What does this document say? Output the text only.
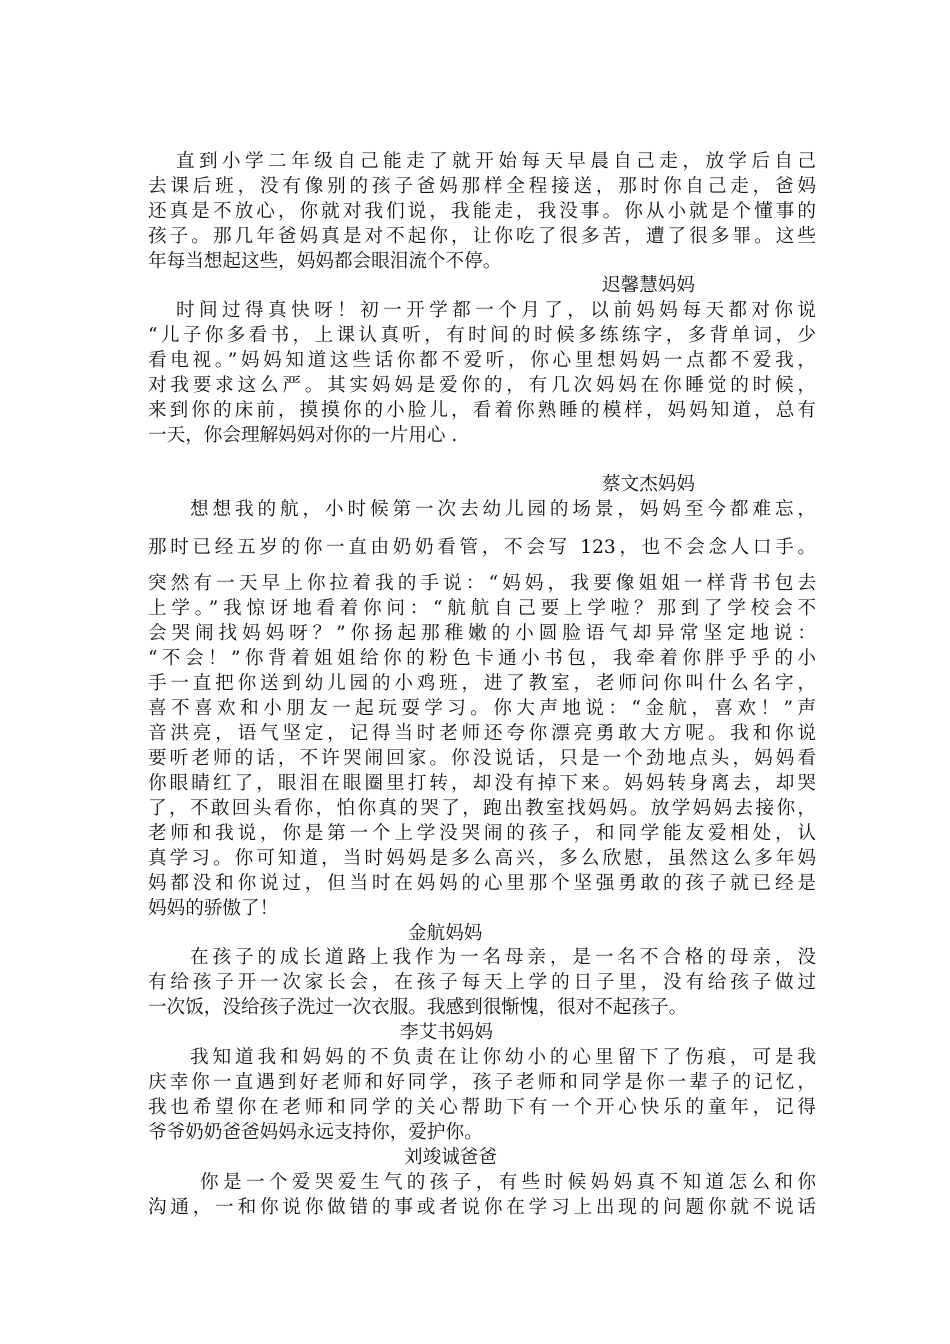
直到小学二年级自己能走了就开始每天早晨自己走，放学后自己
去课后班，没有像别的孩子爸妈那样全程接送，那时你自己走，爸妈
还真是不放心，你就对我们说，我能走，我没事。你从小就是个懂事的
孩子。那几年爸妈真是对不起你，让你吃了很多苦，遭了很多罪。这些
年每当想起这些，妈妈都会眼泪流个不停。
迟馨慧妈妈
时间过得真快呀！初一开学都一个月了，以前妈妈每天都对你说
“儿子你多看书，上课认真听，有时间的时候多练练字，多背单词，少
看电视。”妈妈知道这些话你都不爱听，你心里想妈妈一点都不爱我，
对我要求这么严。其实妈妈是爱你的，有几次妈妈在你睡觉的时候，
来到你的床前，摸摸你的小脸儿，看着你熟睡的模样，妈妈知道，总有
一天，你会理解妈妈对你的一片用心 .
蔡文杰妈妈
想想我的航，小时候第一次去幼儿园的场景，妈妈至今都难忘，
那时已经五岁的你一直由奶奶看管，不会写 123，也不会念人口手。
突然有一天早上你拉着我的手说：“妈妈，我要像姐姐一样背书包去
上学。”我惊讶地看着你问：“航航自己要上学啦？那到了学校会不
会哭闹找妈妈呀？”你扬起那稚嫩的小圆脸语气却异常坚定地说：
“不会！”你背着姐姐给你的粉色卡通小书包，我牵着你胖乎乎的小
手一直把你送到幼儿园的小鸡班，进了教室，老师问你叫什么名字，
喜不喜欢和小朋友一起玩耍学习。你大声地说：“金航，喜欢！”声
音洪亮，语气坚定，记得当时老师还夸你漂亮勇敢大方呢。我和你说
要听老师的话，不许哭闹回家。你没说话，只是一个劲地点头，妈妈看
你眼睛红了，眼泪在眼圈里打转，却没有掉下来。妈妈转身离去，却哭
了，不敢回头看你，怕你真的哭了，跑出教室找妈妈。放学妈妈去接你，
老师和我说，你是第一个上学没哭闹的孩子，和同学能友爱相处，认
真学习。你可知道，当时妈妈是多么高兴，多么欣慰，虽然这么多年妈
妈都没和你说过，但当时在妈妈的心里那个坚强勇敢的孩子就已经是
妈妈的骄傲了！
金航妈妈
在孩子的成长道路上我作为一名母亲，是一名不合格的母亲，没
有给孩子开一次家长会，在孩子每天上学的日子里，没有给孩子做过
一次饭，没给孩子洗过一次衣服。我感到很惭愧，很对不起孩子。
李艾书妈妈
我知道我和妈妈的不负责在让你幼小的心里留下了伤痕，可是我
庆幸你一直遇到好老师和好同学，孩子老师和同学是你一辈子的记忆，
我也希望你在老师和同学的关心帮助下有一个开心快乐的童年，记得
爷爷奶奶爸爸妈妈永远支持你，爱护你。
刘竣诚爸爸
你是一个爱哭爱生气的孩子，有些时候妈妈真不知道怎么和你
沟通，一和你说你做错的事或者说你在学习上出现的问题你就不说话
